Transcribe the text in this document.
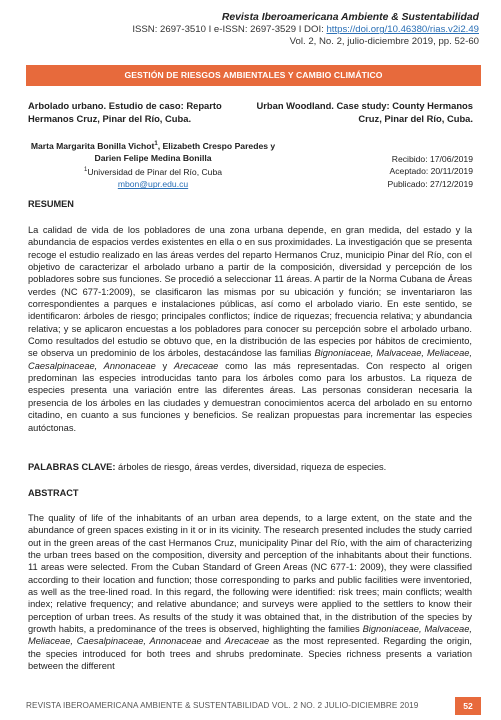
Revista Iberoamericana Ambiente & Sustentabilidad
ISSN: 2697-3510 I e-ISSN: 2697-3529 I DOI: https://doi.org/10.46380/rias.v2i2.49
Vol. 2, No. 2, julio-diciembre 2019, pp. 52-60
GESTIÓN DE RIESGOS AMBIENTALES Y CAMBIO CLIMÁTICO
Arbolado urbano. Estudio de caso: Reparto Hermanos Cruz, Pinar del Río, Cuba.
Urban Woodland. Case study: County Hermanos Cruz, Pinar del Río, Cuba.
Marta Margarita Bonilla Vichot$^1$, Elizabeth Crespo Paredes y Darien Felipe Medina Bonilla
$^1$Universidad de Pinar del Río, Cuba
mbon@upr.edu.cu
Recibido: 17/06/2019
Aceptado: 20/11/2019
Publicado: 27/12/2019
RESUMEN
La calidad de vida de los pobladores de una zona urbana depende, en gran medida, del estado y la abundancia de espacios verdes existentes en ella o en sus proximidades. La investigación que se presenta recoge el estudio realizado en las áreas verdes del reparto Hermanos Cruz, municipio Pinar del Río, con el objetivo de caracterizar el arbolado urbano a partir de la composición, diversidad y percepción de los pobladores sobre sus funciones. Se procedió a seleccionar 11 áreas. A partir de la Norma Cubana de Áreas verdes (NC 677-1:2009), se clasificaron las mismas por su ubicación y función; se inventariaron las correspondientes a parques e instalaciones públicas, así como el arbolado viario. En este sentido, se identificaron: árboles de riesgo; principales conflictos; índice de riquezas; frecuencia relativa; y abundancia relativa; y se aplicaron encuestas a los pobladores para conocer su percepción sobre el arbolado urbano. Como resultados del estudio se obtuvo que, en la distribución de las especies por hábitos de crecimiento, se observa un predominio de los árboles, destacándose las familias Bignoniaceae, Malvaceae, Meliaceae, Caesalpinaceae, Annonaceae y Arecaceae como las más representadas. Con respecto al origen predominan las especies introducidas tanto para los árboles como para los arbustos. La riqueza de especies presenta una variación entre las diferentes áreas. Las personas consideran necesaria la presencia de los árboles en las ciudades y demuestran conocimientos acerca del arbolado en su entorno citadino, en cuanto a sus funciones y beneficios. Se realizan propuestas para incrementar las especies autóctonas.
PALABRAS CLAVE: árboles de riesgo, áreas verdes, diversidad, riqueza de especies.
ABSTRACT
The quality of life of the inhabitants of an urban area depends, to a large extent, on the state and the abundance of green spaces existing in it or in its vicinity. The research presented includes the study carried out in the green areas of the cast Hermanos Cruz, municipality Pinar del Río, with the aim of characterizing the urban trees based on the composition, diversity and perception of the inhabitants about their functions. 11 areas were selected. From the Cuban Standard of Green Areas (NC 677-1: 2009), they were classified according to their location and function; those corresponding to parks and public facilities were inventoried, as well as the tree-lined road. In this regard, the following were identified: risk trees; main conflicts; wealth index; relative frequency; and relative abundance; and surveys were applied to the settlers to know their perception of urban trees. As results of the study it was obtained that, in the distribution of the species by growth habits, a predominance of the trees is observed, highlighting the families Bignoniaceae, Malvaceae, Meliaceae, Caesalpinaceae, Annonaceae and Arecaceae as the most represented. Regarding the origin, the species introduced for both trees and shrubs predominate. Species richness presents a variation between the different
REVISTA IBEROAMERICANA AMBIENTE & SUSTENTABILIDAD VOL. 2 NO. 2 JULIO-DICIEMBRE 2019	52
